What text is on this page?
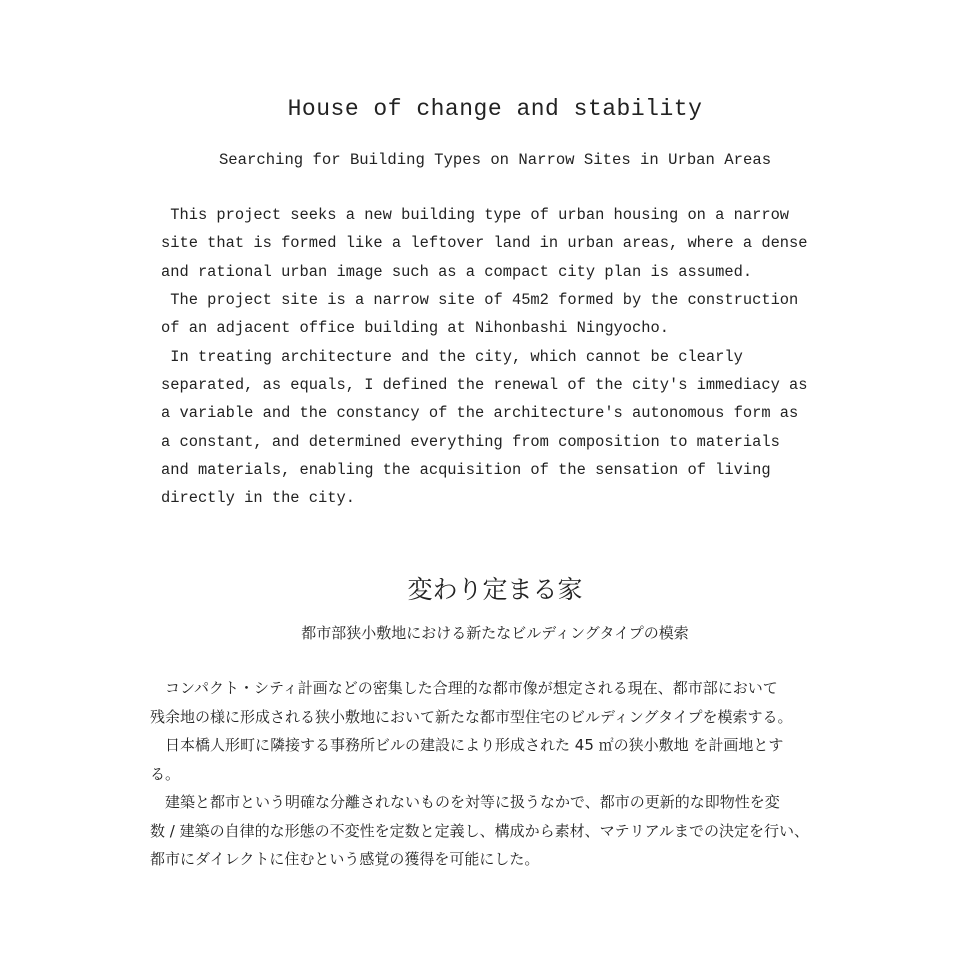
House of change and stability

Searching for Building Types on Narrow Sites in Urban Areas

This project seeks a new building type of urban housing on a narrow
site that is formed like a leftover land in urban areas, where a dense
and rational urban image such as a compact city plan is assumed.
The project site is a narrow site of 45m2 formed by the construction
of an adjacent office building at Nihonbashi Ningyocho.
In treating architecture and the city, which cannot be clearly
separated, as equals, I defined the renewal of the city's immediacy as
a variable and the constancy of the architecture's autonomous form as
a constant, and determined everything from composition to materials
and materials, enabling the acquisition of the sensation of living
directly in the city.
変わり定まる家

都市部狭小敷地における新たなビルディングタイプの模索

　コンパクト・シティ計画などの密集した合理的な都市像が想定される現在、都市部において
残余地の様に形成される狭小敷地において新たな都市型住宅のビルディングタイプを模索する。
　日本橋人形町に隣接する事務所ビルの建設により形成された 45 ㎡の狭小敷地 を計画地とす
る。
　建築と都市という明確な分離されないものを対等に扱うなかで、都市の更新的な即物性を変
数 / 建築の自律的な形態の不変性を定数と定義し、構成から素材、マテリアルまでの決定を行い、
都市にダイレクトに住むという感覚の獲得を可能にした。
